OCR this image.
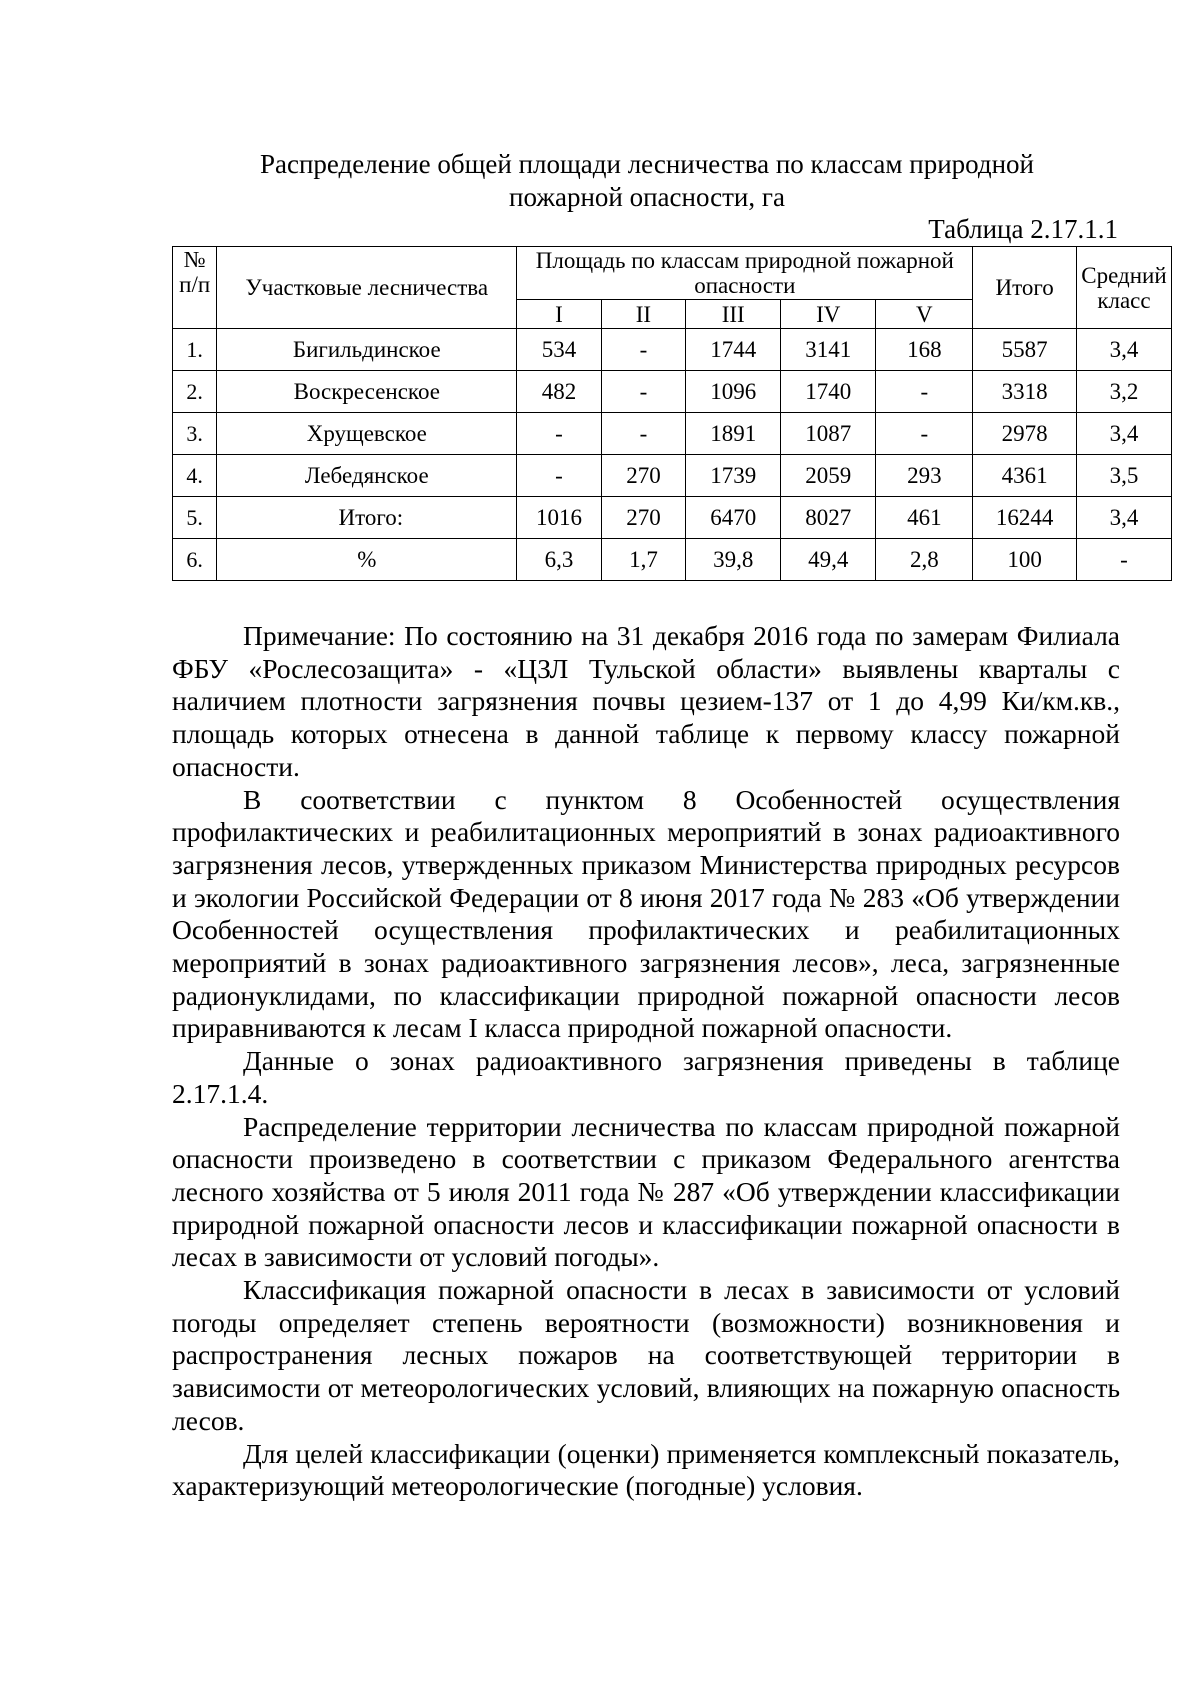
Распределение общей площади лесничества по классам природной
пожарной опасности, га
Таблица 2.17.1.1
№ п/п	Участковые лесничества	Площадь по классам природной пожарной опасности					Итого	Средний класс
		I	II	III	IV	V		
1.	Бигильдинское	534	-	1744	3141	168	5587	3,4
2.	Воскресенское	482	-	1096	1740	-	3318	3,2
3.	Хрущевское	-	-	1891	1087	-	2978	3,4
4.	Лебедянское	-	270	1739	2059	293	4361	3,5
5.	Итого:	1016	270	6470	8027	461	16244	3,4
6.	%	6,3	1,7	39,8	49,4	2,8	100	-

Примечание: По состоянию на 31 декабря 2016 года по замерам Филиала ФБУ «Рослесозащита» - «ЦЗЛ Тульской области» выявлены кварталы с наличием плотности загрязнения почвы цезием-137 от 1 до 4,99 Ки/км.кв., площадь которых отнесена в данной таблице к первому классу пожарной опасности.

В соответствии с пунктом 8 Особенностей осуществления профилактических и реабилитационных мероприятий в зонах радиоактивного загрязнения лесов, утвержденных приказом Министерства природных ресурсов и экологии Российской Федерации от 8 июня 2017 года № 283 «Об утверждении Особенностей осуществления профилактических и реабилитационных мероприятий в зонах радиоактивного загрязнения лесов», леса, загрязненные радионуклидами, по классификации природной пожарной опасности лесов приравниваются к лесам I класса природной пожарной опасности.

Данные о зонах радиоактивного загрязнения приведены в таблице 2.17.1.4.

Распределение территории лесничества по классам природной пожарной опасности произведено в соответствии с приказом Федерального агентства лесного хозяйства от 5 июля 2011 года № 287 «Об утверждении классификации природной пожарной опасности лесов и классификации пожарной опасности в лесах в зависимости от условий погоды».

Классификация пожарной опасности в лесах в зависимости от условий погоды определяет степень вероятности (возможности) возникновения и распространения лесных пожаров на соответствующей территории в зависимости от метеорологических условий, влияющих на пожарную опасность лесов.

Для целей классификации (оценки) применяется комплексный показатель, характеризующий метеорологические (погодные) условия.
